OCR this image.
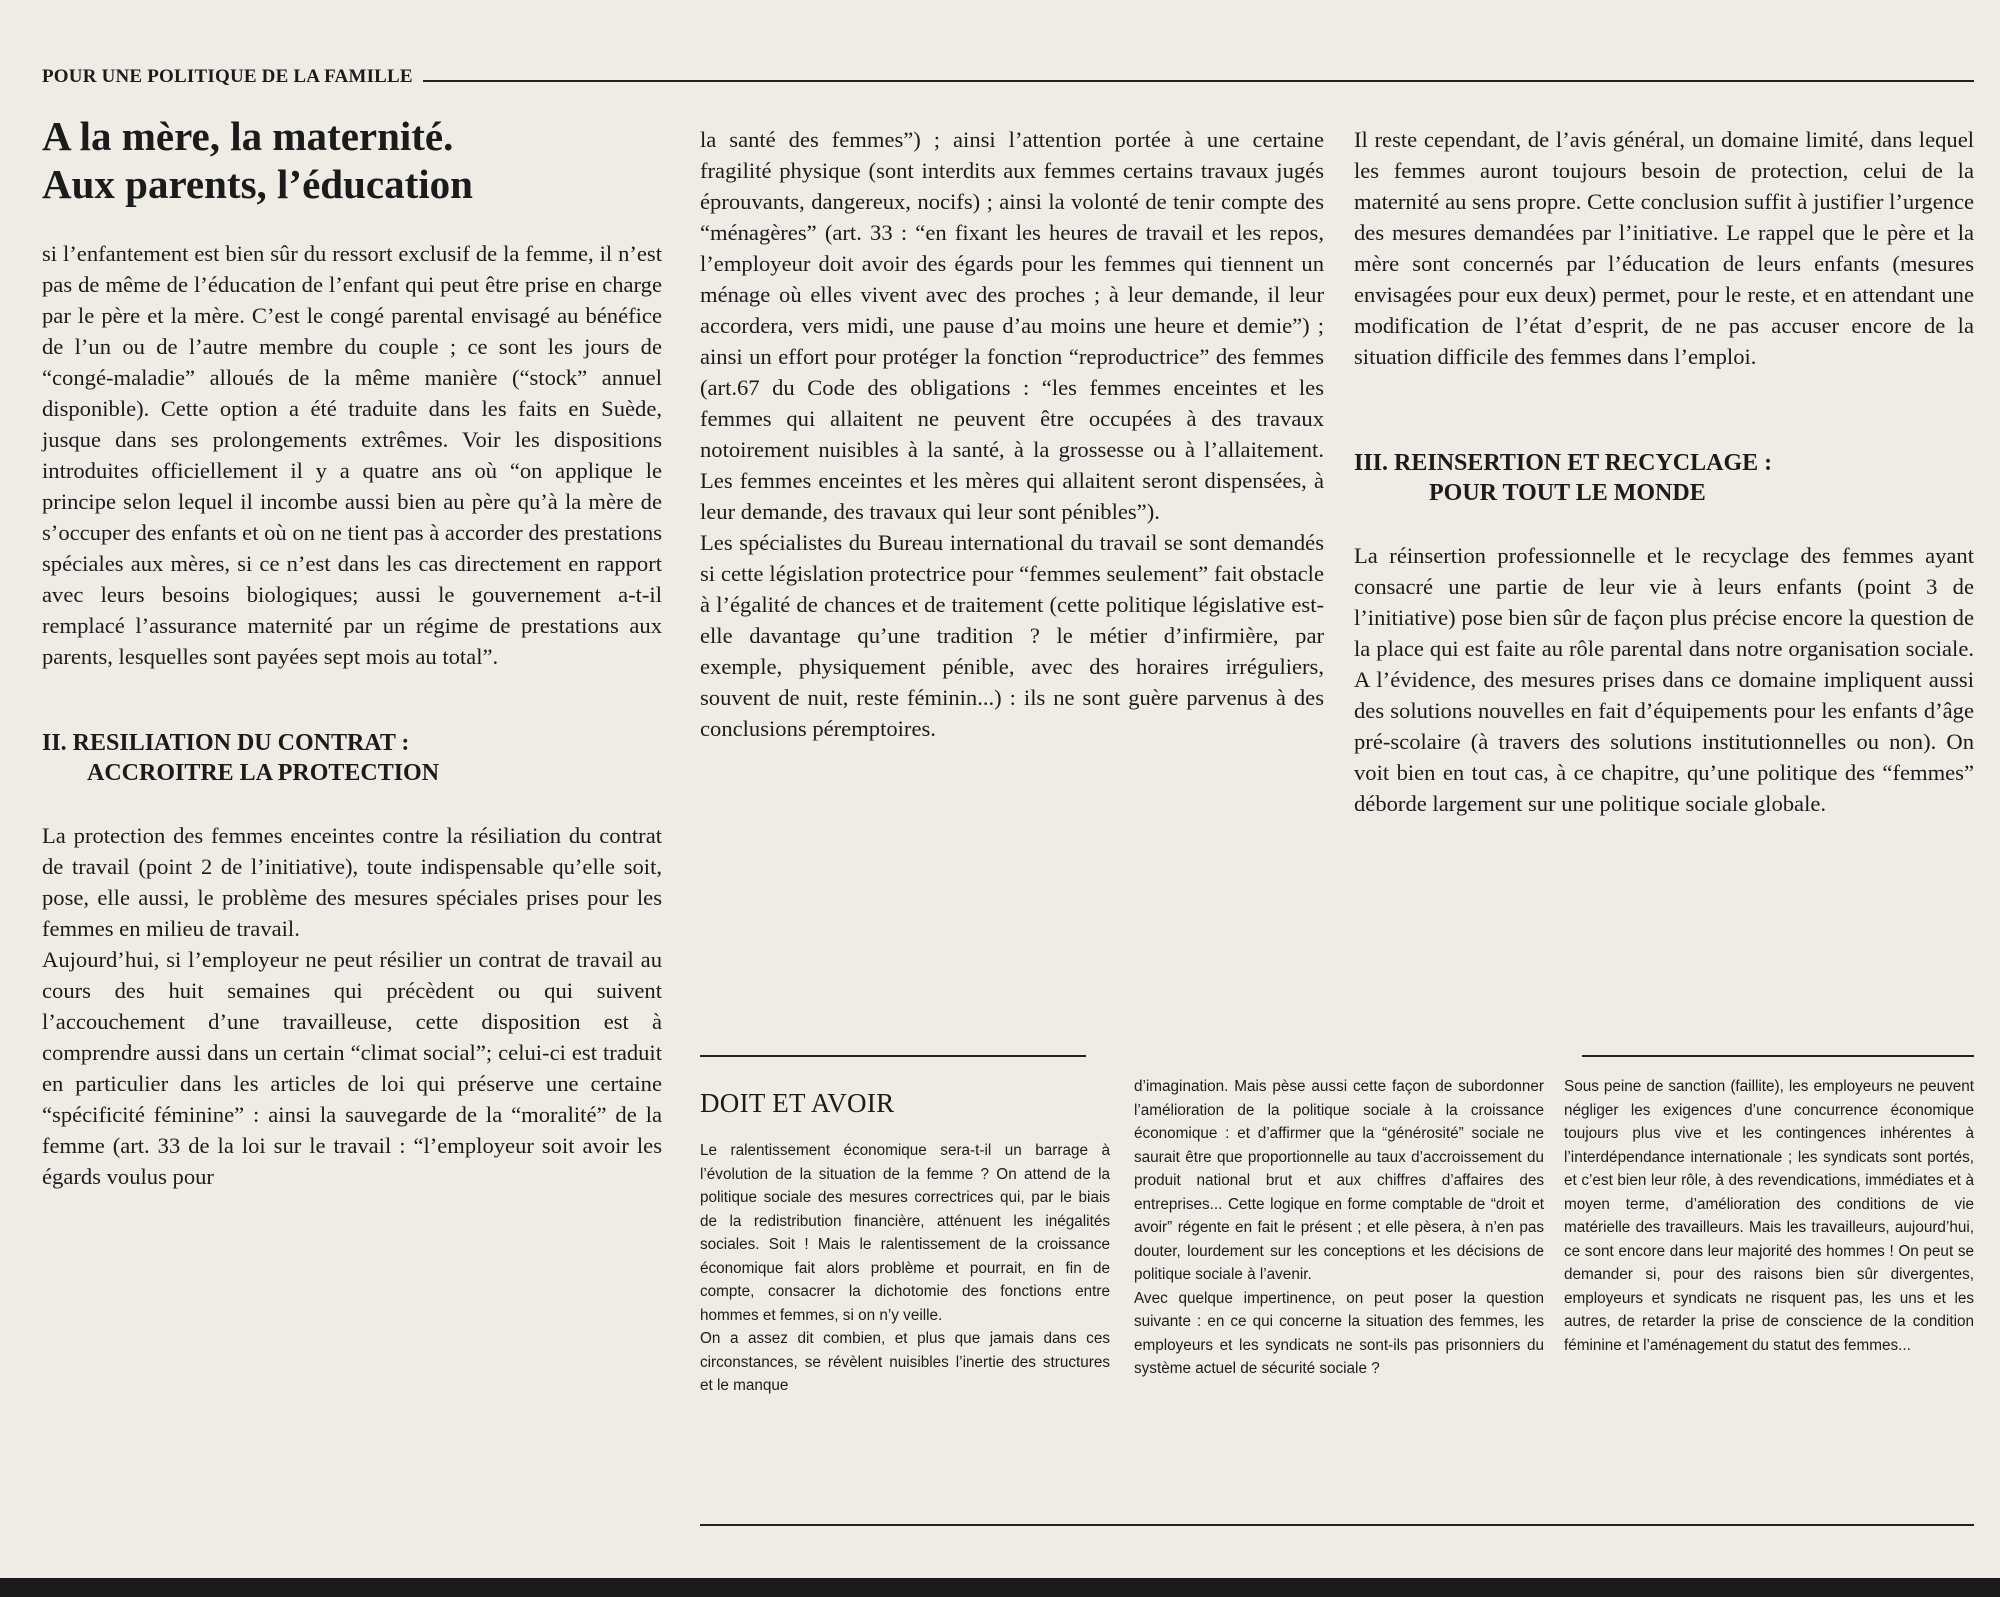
POUR UNE POLITIQUE DE LA FAMILLE
A la mère, la maternité.
Aux parents, l’éducation

si l’enfantement est bien sûr du ressort exclusif de la femme, il n’est pas de même de l’éducation de l’enfant qui peut être prise en charge par le père et la mère. C’est le congé parental envisagé au bénéfice de l’un ou de l’autre membre du couple ; ce sont les jours de “congé-maladie” alloués de la même manière (“stock” annuel disponible). Cette option a été traduite dans les faits en Suède, jusque dans ses prolongements extrêmes. Voir les dispositions introduites officiellement il y a quatre ans où “on applique le principe selon lequel il incombe aussi bien au père qu’à la mère de s’occuper des enfants et où on ne tient pas à accorder des prestations spéciales aux mères, si ce n’est dans les cas directement en rapport avec leurs besoins biologiques; aussi le gouvernement a-t-il remplacé l’assurance maternité par un régime de prestations aux parents, lesquelles sont payées sept mois au total”.

II. RESILIATION DU CONTRAT :
ACCROITRE LA PROTECTION

La protection des femmes enceintes contre la résiliation du contrat de travail (point 2 de l’initiative), toute indispensable qu’elle soit, pose, elle aussi, le problème des mesures spéciales prises pour les femmes en milieu de travail.

Aujourd’hui, si l’employeur ne peut résilier un contrat de travail au cours des huit semaines qui précèdent ou qui suivent l’accouchement d’une travailleuse, cette disposition est à comprendre aussi dans un certain “climat social”; celui-ci est traduit en particulier dans les articles de loi qui préserve une certaine “spécificité féminine” : ainsi la sauvegarde de la “moralité” de la femme (art. 33 de la loi sur le travail : “l’employeur soit avoir les égards voulus pour

la santé des femmes”) ; ainsi l’attention portée à une certaine fragilité physique (sont interdits aux femmes certains travaux jugés éprouvants, dangereux, nocifs) ; ainsi la volonté de tenir compte des “ménagères” (art. 33 : “en fixant les heures de travail et les repos, l’employeur doit avoir des égards pour les femmes qui tiennent un ménage où elles vivent avec des proches ; à leur demande, il leur accordera, vers midi, une pause d’au moins une heure et demie”) ; ainsi un effort pour protéger la fonction “reproductrice” des femmes (art.67 du Code des obligations : “les femmes enceintes et les femmes qui allaitent ne peuvent être occupées à des travaux notoirement nuisibles à la santé, à la grossesse ou à l’allaitement. Les femmes enceintes et les mères qui allaitent seront dispensées, à leur demande, des travaux qui leur sont pénibles”).

Les spécialistes du Bureau international du travail se sont demandés si cette législation protectrice pour “femmes seulement” fait obstacle à l’égalité de chances et de traitement (cette politique législative est-elle davantage qu’une tradition ? le métier d’infirmière, par exemple, physiquement pénible, avec des horaires irréguliers, souvent de nuit, reste féminin...) : ils ne sont guère parvenus à des conclusions péremptoires.

Il reste cependant, de l’avis général, un domaine limité, dans lequel les femmes auront toujours besoin de protection, celui de la maternité au sens propre. Cette conclusion suffit à justifier l’urgence des mesures demandées par l’initiative. Le rappel que le père et la mère sont concernés par l’éducation de leurs enfants (mesures envisagées pour eux deux) permet, pour le reste, et en attendant une modification de l’état d’esprit, de ne pas accuser encore de la situation difficile des femmes dans l’emploi.

III. REINSERTION ET RECYCLAGE :
POUR TOUT LE MONDE

La réinsertion professionnelle et le recyclage des femmes ayant consacré une partie de leur vie à leurs enfants (point 3 de l’initiative) pose bien sûr de façon plus précise encore la question de la place qui est faite au rôle parental dans notre organisation sociale. A l’évidence, des mesures prises dans ce domaine impliquent aussi des solutions nouvelles en fait d’équipements pour les enfants d’âge pré-scolaire (à travers des solutions institutionnelles ou non). On voit bien en tout cas, à ce chapitre, qu’une politique des “femmes” déborde largement sur une politique sociale globale.

DOIT ET AVOIR

Le ralentissement économique sera-t-il un barrage à l’évolution de la situation de la femme ? On attend de la politique sociale des mesures correctrices qui, par le biais de la redistribution financière, atténuent les inégalités sociales. Soit ! Mais le ralentissement de la croissance économique fait alors problème et pourrait, en fin de compte, consacrer la dichotomie des fonctions entre hommes et femmes, si on n’y veille.

On a assez dit combien, et plus que jamais dans ces circonstances, se révèlent nuisibles l’inertie des structures et le manque

d’imagination. Mais pèse aussi cette façon de subordonner l’amélioration de la politique sociale à la croissance économique : et d’affirmer que la “générosité” sociale ne saurait être que proportionnelle au taux d’accroissement du produit national brut et aux chiffres d’affaires des entreprises... Cette logique en forme comptable de “droit et avoir” régente en fait le présent ; et elle pèsera, à n’en pas douter, lourdement sur les conceptions et les décisions de politique sociale à l’avenir.

Avec quelque impertinence, on peut poser la question suivante : en ce qui concerne la situation des femmes, les employeurs et les syndicats ne sont-ils pas prisonniers du système actuel de sécurité sociale ?

Sous peine de sanction (faillite), les employeurs ne peuvent négliger les exigences d’une concurrence économique toujours plus vive et les contingences inhérentes à l’interdépendance internationale ; les syndicats sont portés, et c’est bien leur rôle, à des revendications, immédiates et à moyen terme, d’amélioration des conditions de vie matérielle des travailleurs. Mais les travailleurs, aujourd’hui, ce sont encore dans leur majorité des hommes ! On peut se demander si, pour des raisons bien sûr divergentes, employeurs et syndicats ne risquent pas, les uns et les autres, de retarder la prise de conscience de la condition féminine et l’aménagement du statut des femmes...
